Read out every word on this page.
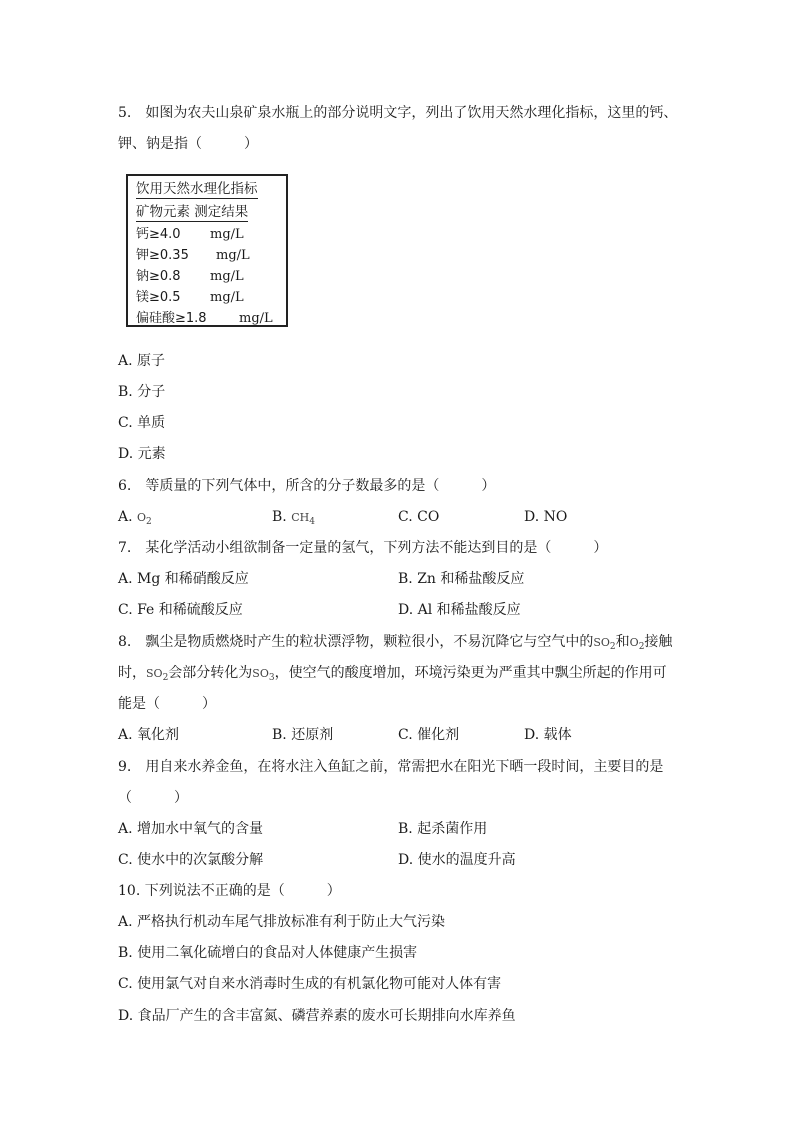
5.　如图为农夫山泉矿泉水瓶上的部分说明文字，列出了饮用天然水理化指标，这里的钙、
钾、钠是指（　　　）
饮用天然水理化指标
矿物元素 测定结果
钙≥4.0 mg/L
钾≥0.35 mg/L
钠≥0.8 mg/L
镁≥0.5 mg/L
偏硅酸≥1.8 mg/L
A. 原子
B. 分子
C. 单质
D. 元素
6.　等质量的下列气体中，所含的分子数最多的是（　　　）
A. $O_2$	B. $CH_4$	C. CO	D. NO
7.　某化学活动小组欲制备一定量的氢气，下列方法不能达到目的是（　　　）
A. Mg 和稀硝酸反应	B. Zn 和稀盐酸反应
C. Fe 和稀硫酸反应	D. Al 和稀盐酸反应
8.　飘尘是物质燃烧时产生的粒状漂浮物，颗粒很小，不易沉降它与空气中的$SO_2$和$O_2$接触
时，$SO_2$会部分转化为$SO_3$，使空气的酸度增加，环境污染更为严重其中飘尘所起的作用可
能是（　　　）
A. 氧化剂	B. 还原剂	C. 催化剂	D. 载体
9.　用自来水养金鱼，在将水注入鱼缸之前，常需把水在阳光下晒一段时间，主要目的是
（　　　）
A. 增加水中氧气的含量	B. 起杀菌作用
C. 使水中的次氯酸分解	D. 使水的温度升高
10. 下列说法不正确的是（　　　）
A. 严格执行机动车尾气排放标准有利于防止大气污染
B. 使用二氧化硫增白的食品对人体健康产生损害
C. 使用氯气对自来水消毒时生成的有机氯化物可能对人体有害
D. 食品厂产生的含丰富氮、磷营养素的废水可长期排向水库养鱼
